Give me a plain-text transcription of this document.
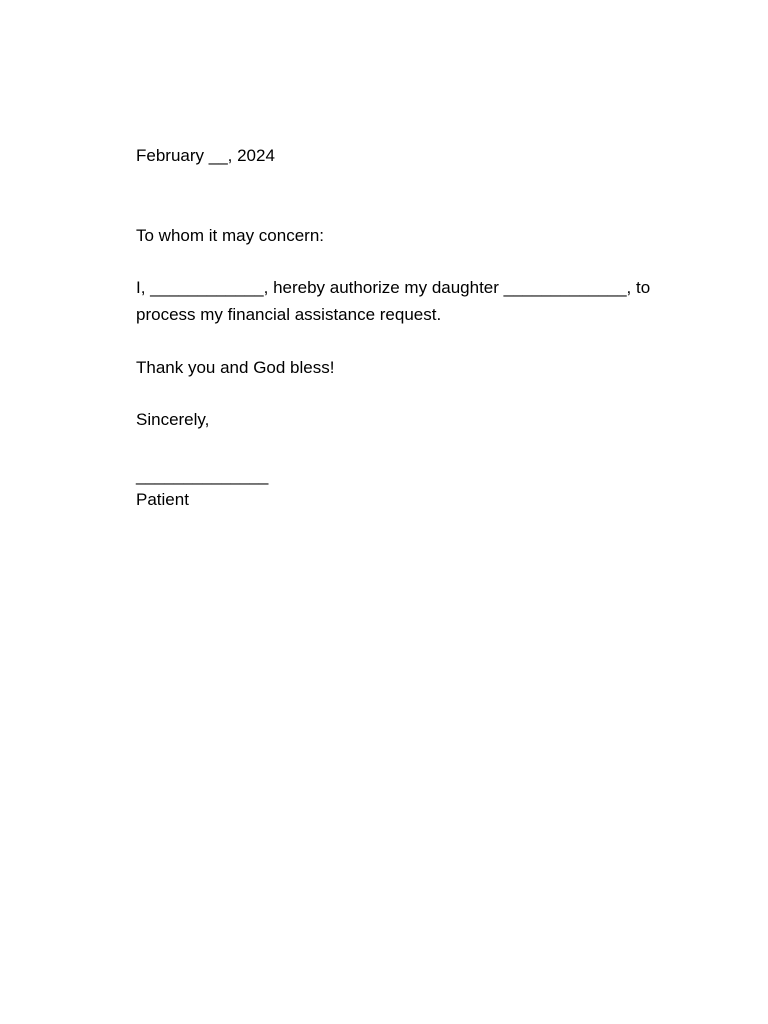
February __, 2024

To whom it may concern:

I, ____________, hereby authorize my daughter _____________, to
process my financial assistance request.

Thank you and God bless!

Sincerely,

______________

Patient
